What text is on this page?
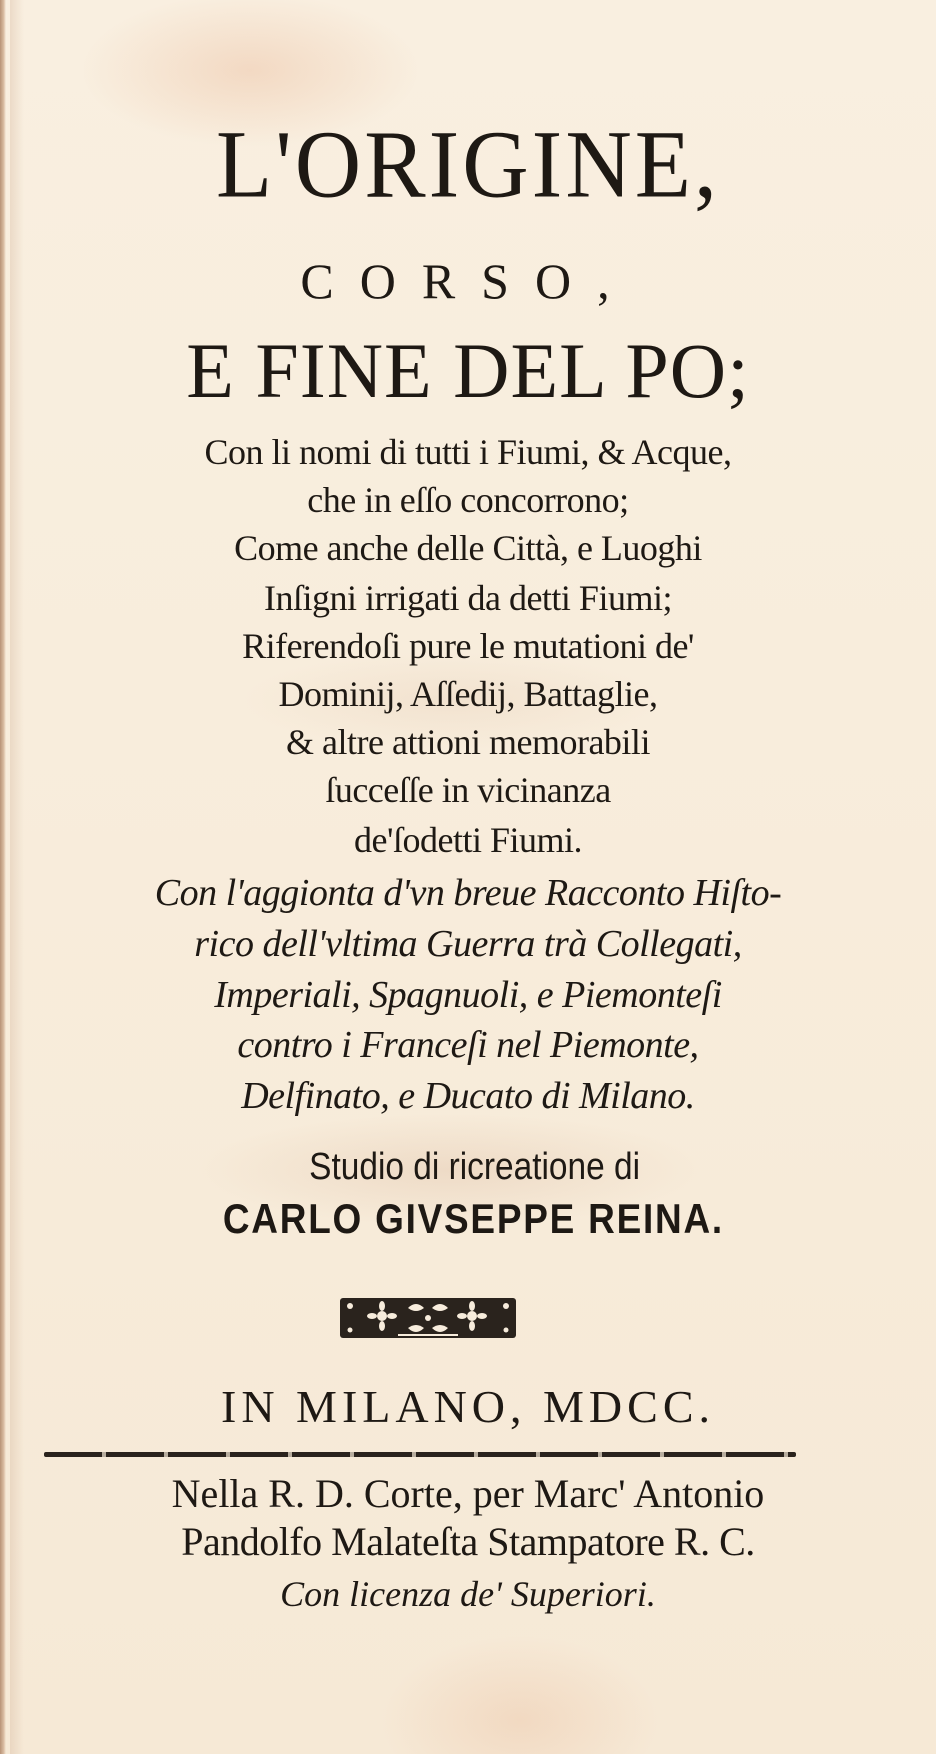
L'ORIGINE,
CORSO,
E FINE DEL PO;
Con li nomi di tutti i Fiumi, & Acque,
che in eſſo concorrono;
Come anche delle Città, e Luoghi
Inſigni irrigati da detti Fiumi;
Riferendoſi pure le mutationi de'
Dominij, Aſſedij, Battaglie,
& altre attioni memorabili
ſucceſſe in vicinanza
de'ſodetti Fiumi.
Con l'aggionta d'vn breue Racconto Hiſto-
rico dell'vltima Guerra trà Collegati,
Imperiali, Spagnuoli, e Piemonteſi
contro i Franceſi nel Piemonte,
Delfinato, e Ducato di Milano.
Studio di ricreatione di
CARLO GIVSEPPE REINA.
IN MILANO, MDCC.
Nella R. D. Corte, per Marc' Antonio
Pandolfo Malateſta Stampatore R. C.
Con licenza de' Superiori.
